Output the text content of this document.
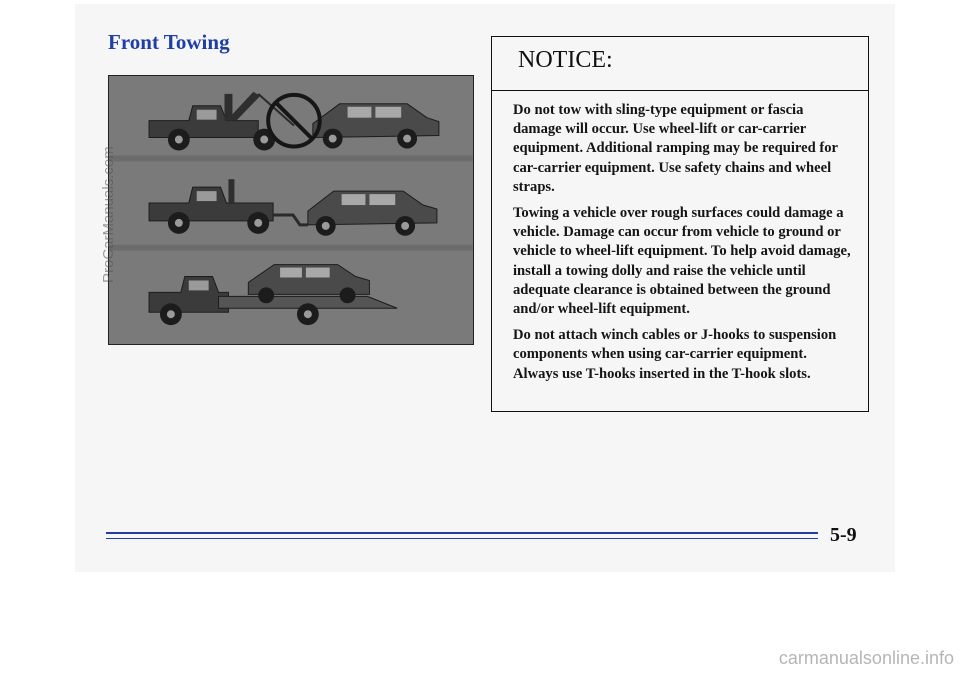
Front Towing
NOTICE:

Do not tow with sling-type equipment or fascia damage will occur. Use wheel-lift or car-carrier equipment. Additional ramping may be required for car-carrier equipment. Use safety chains and wheel straps.

Towing a vehicle over rough surfaces could damage a vehicle. Damage can occur from vehicle to ground or vehicle to wheel-lift equipment. To help avoid damage, install a towing dolly and raise the vehicle until adequate clearance is obtained between the ground and/or wheel-lift equipment.

Do not attach winch cables or J-hooks to suspension components when using car-carrier equipment. Always use T-hooks inserted in the T-hook slots.

5-9
ProCarManuals.com
carmanualsonline.info
